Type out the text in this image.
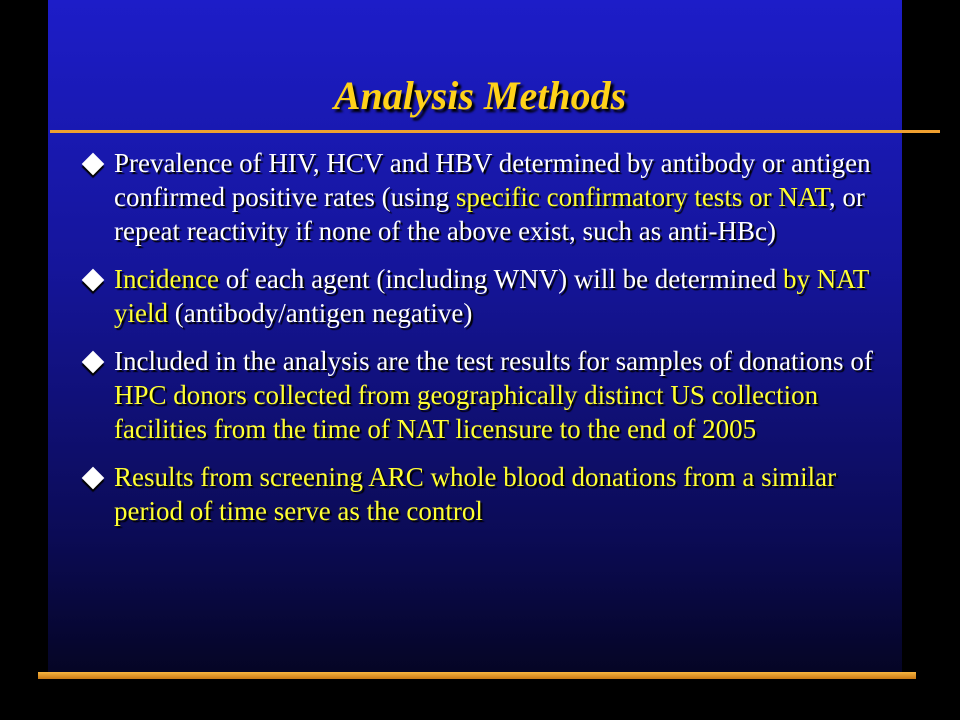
Analysis Methods
Prevalence of HIV, HCV and HBV determined by antibody or antigen confirmed positive rates (using specific confirmatory tests or NAT, or repeat reactivity if none of the above exist, such as anti-HBc)
Incidence of each agent (including WNV) will be determined by NAT yield (antibody/antigen negative)
Included in the analysis are the test results for samples of donations of HPC donors collected from geographically distinct US collection facilities from the time of NAT licensure to the end of 2005
Results from screening ARC whole blood donations from a similar period of time serve as the control
